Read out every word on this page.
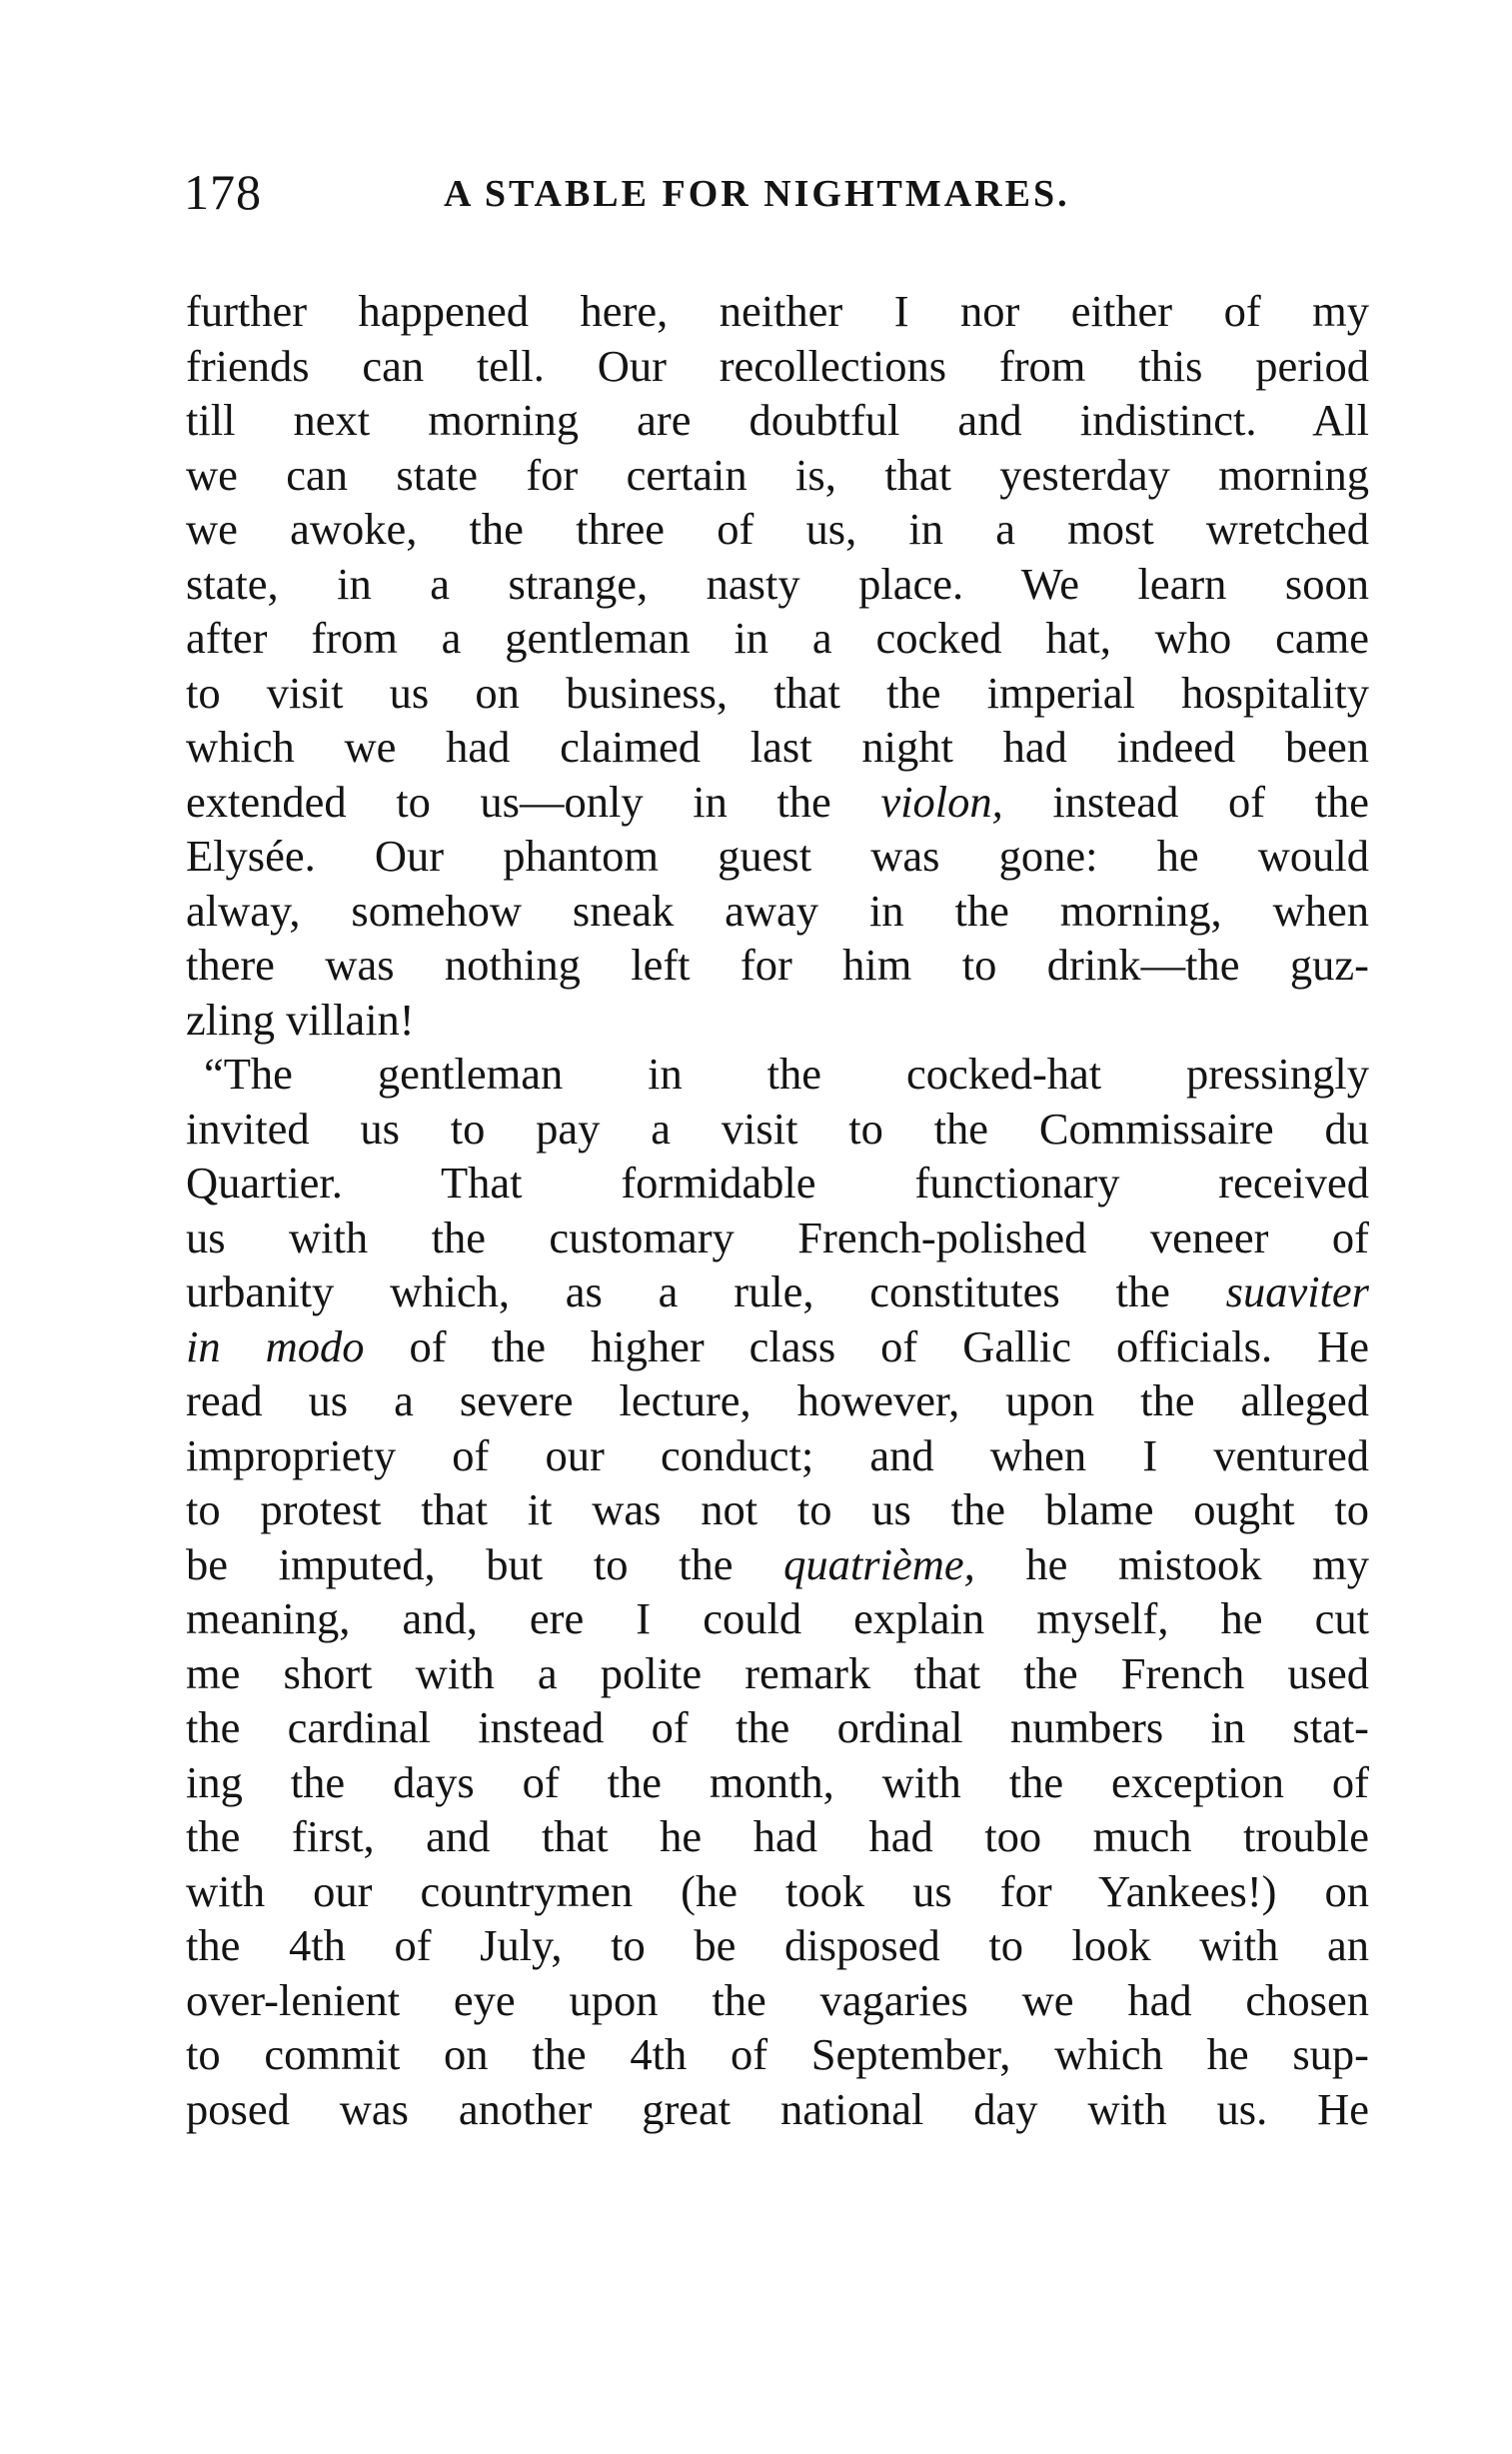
178	A STABLE FOR NIGHTMARES.
further happened here, neither I nor either of my
friends can tell. Our recollections from this period
till next morning are doubtful and indistinct. All
we can state for certain is, that yesterday morning
we awoke, the three of us, in a most wretched
state, in a strange, nasty place. We learn soon
after from a gentleman in a cocked hat, who came
to visit us on business, that the imperial hospitality
which we had claimed last night had indeed been
extended to us—only in the violon, instead of the
Elysée. Our phantom guest was gone: he would
alway, somehow sneak away in the morning, when
there was nothing left for him to drink—the guz-
zling villain!
“The gentleman in the cocked-hat pressingly
invited us to pay a visit to the Commissaire du
Quartier. That formidable functionary received
us with the customary French-polished veneer of
urbanity which, as a rule, constitutes the suaviter
in modo of the higher class of Gallic officials. He
read us a severe lecture, however, upon the alleged
impropriety of our conduct; and when I ventured
to protest that it was not to us the blame ought to
be imputed, but to the quatrième, he mistook my
meaning, and, ere I could explain myself, he cut
me short with a polite remark that the French used
the cardinal instead of the ordinal numbers in stat-
ing the days of the month, with the exception of
the first, and that he had had too much trouble
with our countrymen (he took us for Yankees!) on
the 4th of July, to be disposed to look with an
over-lenient eye upon the vagaries we had chosen
to commit on the 4th of September, which he sup-
posed was another great national day with us. He
